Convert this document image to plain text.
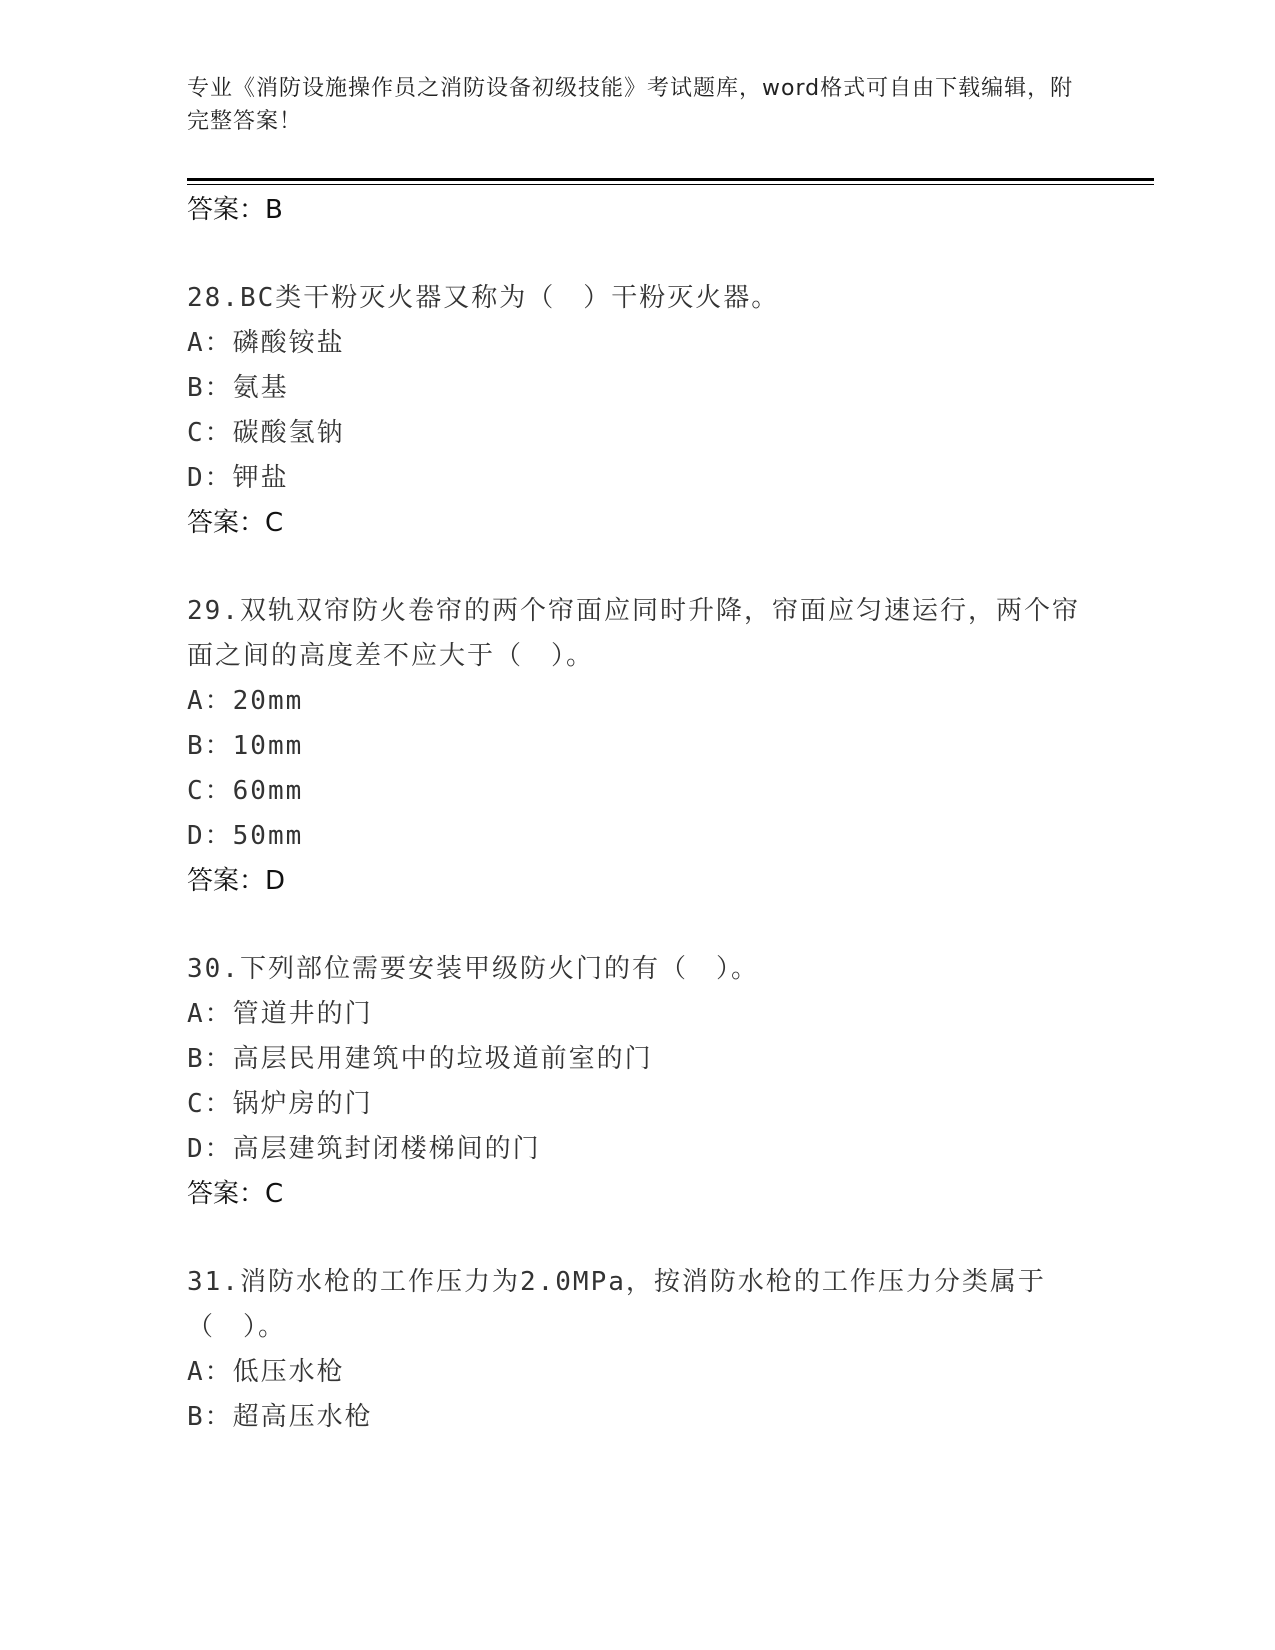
专业《消防设施操作员之消防设备初级技能》考试题库，word格式可自由下载编辑，附完整答案！
答案：B
28.BC类干粉灭火器又称为（　）干粉灭火器。
A：磷酸铵盐
B：氨基
C：碳酸氢钠
D：钾盐
答案：C
29.双轨双帘防火卷帘的两个帘面应同时升降，帘面应匀速运行，两个帘面之间的高度差不应大于（　）。
A：20mm
B：10mm
C：60mm
D：50mm
答案：D
30.下列部位需要安装甲级防火门的有（　）。
A：管道井的门
B：高层民用建筑中的垃圾道前室的门
C：锅炉房的门
D：高层建筑封闭楼梯间的门
答案：C
31.消防水枪的工作压力为2.0MPa，按消防水枪的工作压力分类属于（　）。
A：低压水枪
B：超高压水枪
